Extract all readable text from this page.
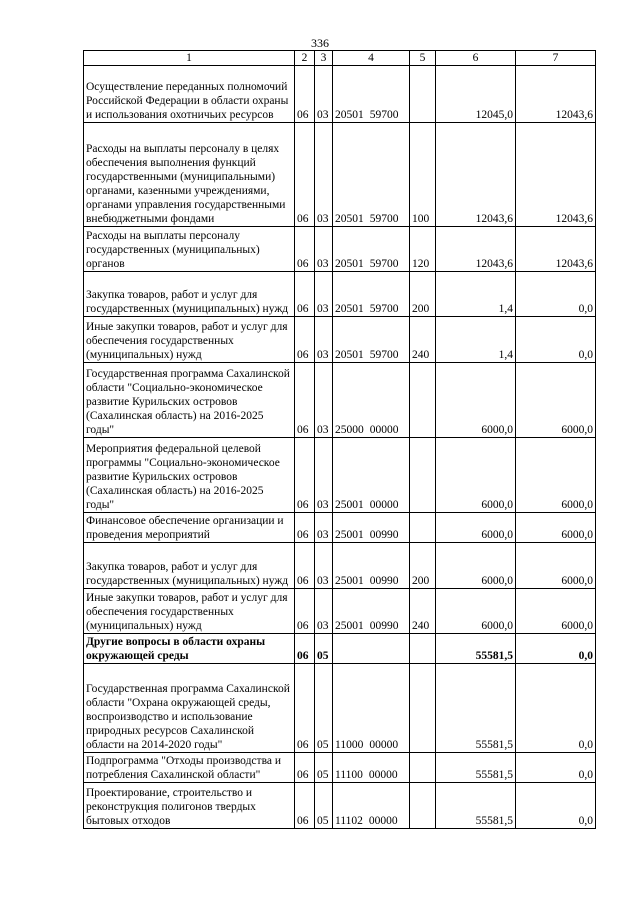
336
1	2	3	4	5	6	7
Осуществление переданных полномочий Российской Федерации в области охраны и использования охотничьих ресурсов	06	03	20501 59700		12045,0	12043,6
Расходы на выплаты персоналу в целях обеспечения выполнения функций государственными (муниципальными) органами, казенными учреждениями, органами управления государственными внебюджетными фондами	06	03	20501 59700	100	12043,6	12043,6
Расходы на выплаты персоналу государственных (муниципальных) органов	06	03	20501 59700	120	12043,6	12043,6
Закупка товаров, работ и услуг для государственных (муниципальных) нужд	06	03	20501 59700	200	1,4	0,0
Иные закупки товаров, работ и услуг для обеспечения государственных (муниципальных) нужд	06	03	20501 59700	240	1,4	0,0
Государственная программа Сахалинской области "Социально-экономическое развитие Курильских островов (Сахалинская область) на 2016-2025 годы"	06	03	25000 00000		6000,0	6000,0
Мероприятия федеральной целевой программы "Социально-экономическое развитие Курильских островов (Сахалинская область) на 2016-2025 годы"	06	03	25001 00000		6000,0	6000,0
Финансовое обеспечение организации и проведения мероприятий	06	03	25001 00990		6000,0	6000,0
Закупка товаров, работ и услуг для государственных (муниципальных) нужд	06	03	25001 00990	200	6000,0	6000,0
Иные закупки товаров, работ и услуг для обеспечения государственных (муниципальных) нужд	06	03	25001 00990	240	6000,0	6000,0
Другие вопросы в области охраны окружающей среды	06	05			55581,5	0,0
Государственная программа Сахалинской области "Охрана окружающей среды, воспроизводство и использование природных ресурсов Сахалинской области на 2014-2020 годы"	06	05	11000 00000		55581,5	0,0
Подпрограмма "Отходы производства и потребления Сахалинской области"	06	05	11100 00000		55581,5	0,0
Проектирование, строительство и реконструкция полигонов твердых бытовых отходов	06	05	11102 00000		55581,5	0,0
